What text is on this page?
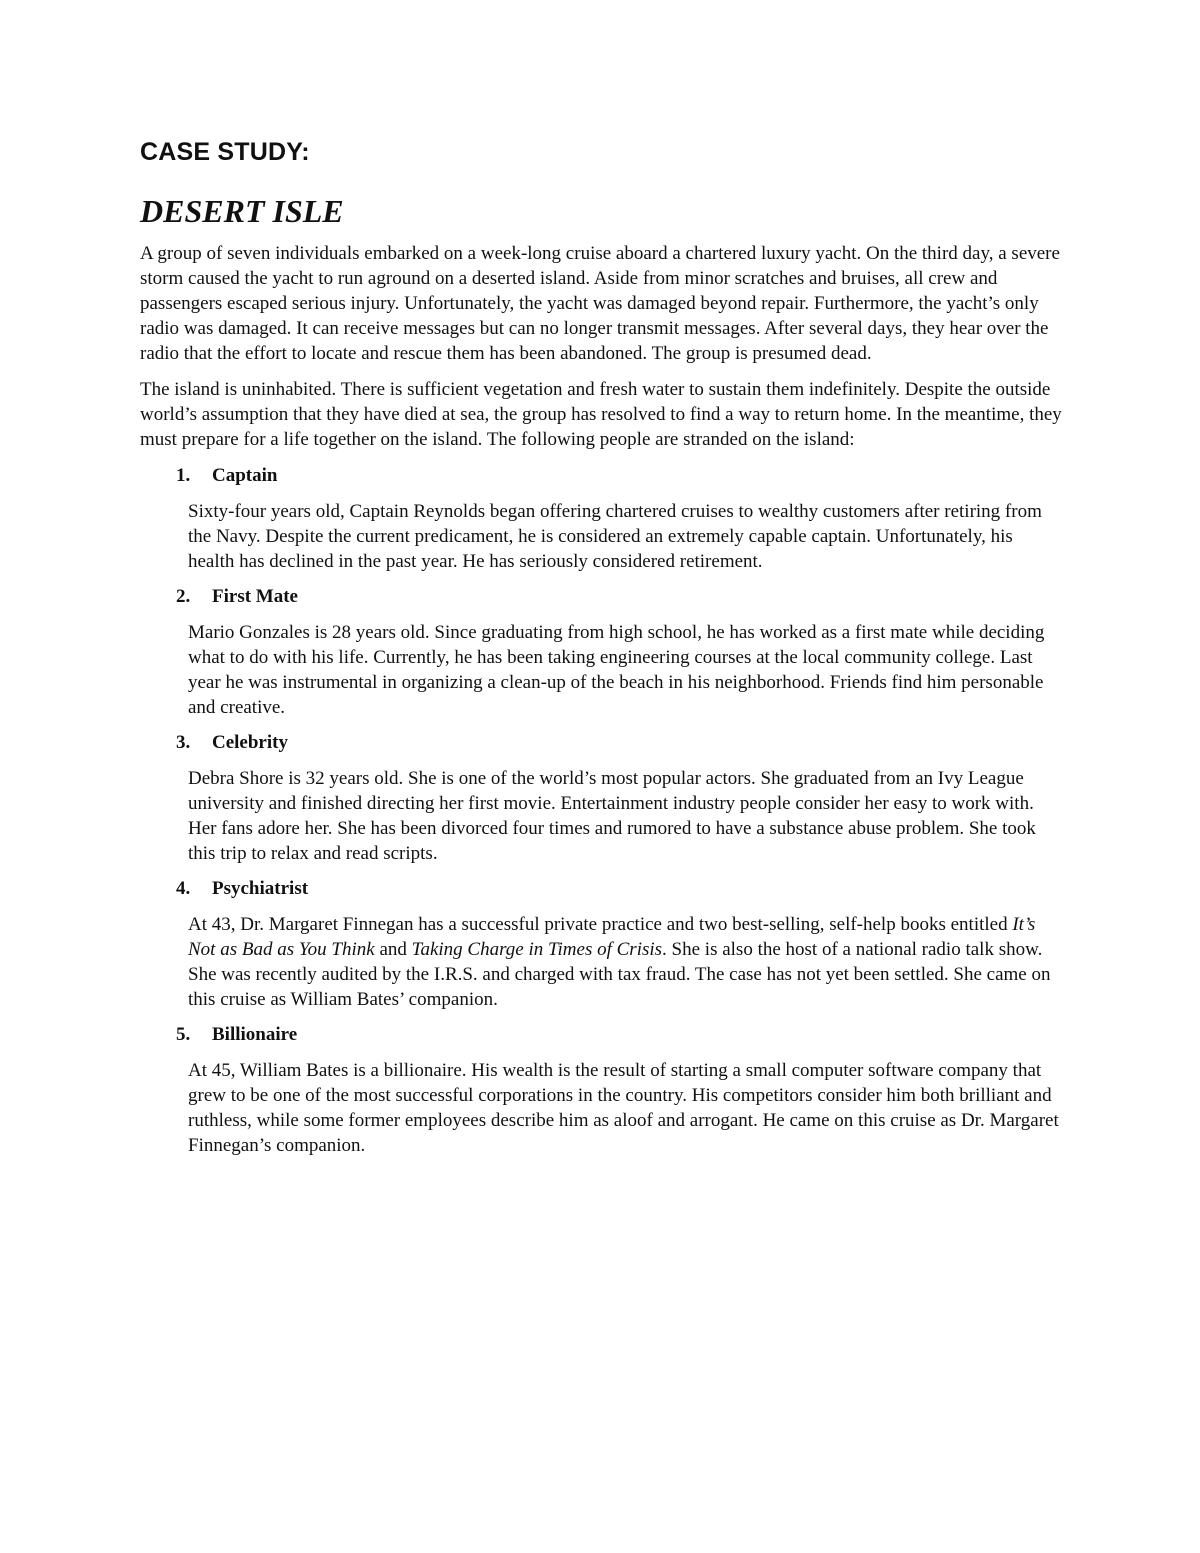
CASE STUDY:
DESERT ISLE

A group of seven individuals embarked on a week-long cruise aboard a chartered luxury yacht. On the third day, a severe storm caused the yacht to run aground on a deserted island. Aside from minor scratches and bruises, all crew and passengers escaped serious injury. Unfortunately, the yacht was damaged beyond repair. Furthermore, the yacht’s only radio was damaged. It can receive messages but can no longer transmit messages. After several days, they hear over the radio that the effort to locate and rescue them has been abandoned. The group is presumed dead.

The island is uninhabited. There is sufficient vegetation and fresh water to sustain them indefinitely. Despite the outside world’s assumption that they have died at sea, the group has resolved to find a way to return home. In the meantime, they must prepare for a life together on the island. The following people are stranded on the island:

1.	Captain

Sixty-four years old, Captain Reynolds began offering chartered cruises to wealthy customers after retiring from the Navy. Despite the current predicament, he is considered an extremely capable captain. Unfortunately, his health has declined in the past year. He has seriously considered retirement.

2.	First Mate

Mario Gonzales is 28 years old. Since graduating from high school, he has worked as a first mate while deciding what to do with his life. Currently, he has been taking engineering courses at the local community college. Last year he was instrumental in organizing a clean-up of the beach in his neighborhood. Friends find him personable and creative.

3.	Celebrity

Debra Shore is 32 years old. She is one of the world’s most popular actors. She graduated from an Ivy League university and finished directing her first movie. Entertainment industry people consider her easy to work with. Her fans adore her. She has been divorced four times and rumored to have a substance abuse problem. She took this trip to relax and read scripts.

4.	Psychiatrist

At 43, Dr. Margaret Finnegan has a successful private practice and two best-selling, self-help books entitled It’s Not as Bad as You Think and Taking Charge in Times of Crisis. She is also the host of a national radio talk show. She was recently audited by the I.R.S. and charged with tax fraud. The case has not yet been settled. She came on this cruise as William Bates’ companion.

5.	Billionaire

At 45, William Bates is a billionaire. His wealth is the result of starting a small computer software company that grew to be one of the most successful corporations in the country. His competitors consider him both brilliant and ruthless, while some former employees describe him as aloof and arrogant. He came on this cruise as Dr. Margaret Finnegan’s companion.
